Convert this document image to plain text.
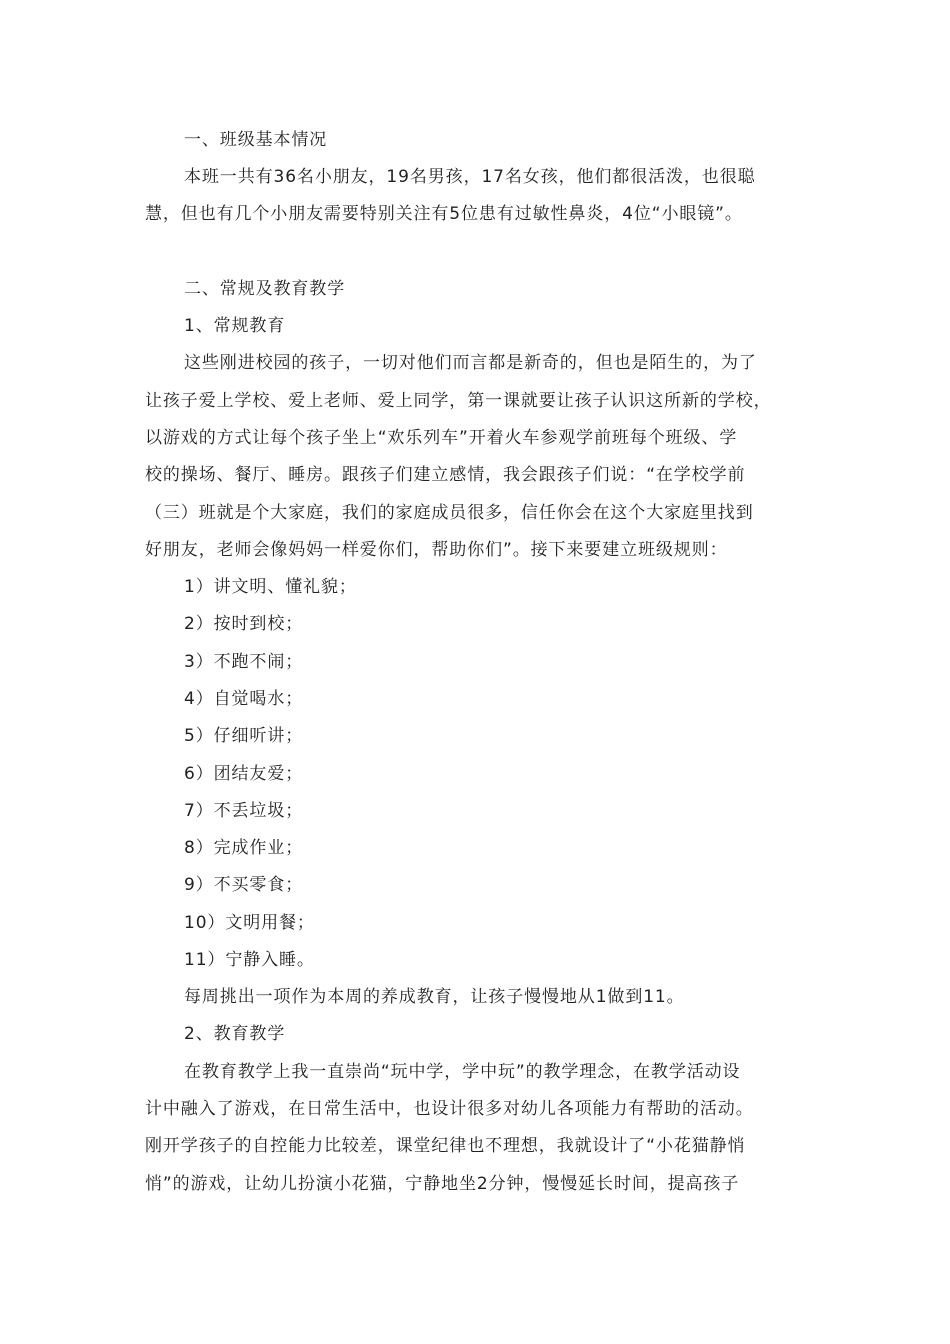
一、班级基本情况
本班一共有36名小朋友，19名男孩，17名女孩，他们都很活泼，也很聪
慧，但也有几个小朋友需要特别关注有5位患有过敏性鼻炎，4位“小眼镜”。
二、常规及教育教学
1、常规教育
这些刚进校园的孩子，一切对他们而言都是新奇的，但也是陌生的，为了
让孩子爱上学校、爱上老师、爱上同学，第一课就要让孩子认识这所新的学校，
以游戏的方式让每个孩子坐上“欢乐列车”开着火车参观学前班每个班级、学
校的操场、餐厅、睡房。跟孩子们建立感情，我会跟孩子们说：“在学校学前
（三）班就是个大家庭，我们的家庭成员很多，信任你会在这个大家庭里找到
好朋友，老师会像妈妈一样爱你们，帮助你们”。接下来要建立班级规则：
1）讲文明、懂礼貌；
2）按时到校；
3）不跑不闹；
4）自觉喝水；
5）仔细听讲；
6）团结友爱；
7）不丢垃圾；
8）完成作业；
9）不买零食；
10）文明用餐；
11）宁静入睡。
每周挑出一项作为本周的养成教育，让孩子慢慢地从1做到11。
2、教育教学
在教育教学上我一直崇尚“玩中学，学中玩”的教学理念，在教学活动设
计中融入了游戏，在日常生活中，也设计很多对幼儿各项能力有帮助的活动。
刚开学孩子的自控能力比较差，课堂纪律也不理想，我就设计了“小花猫静悄
悄”的游戏，让幼儿扮演小花猫，宁静地坐2分钟，慢慢延长时间，提高孩子
